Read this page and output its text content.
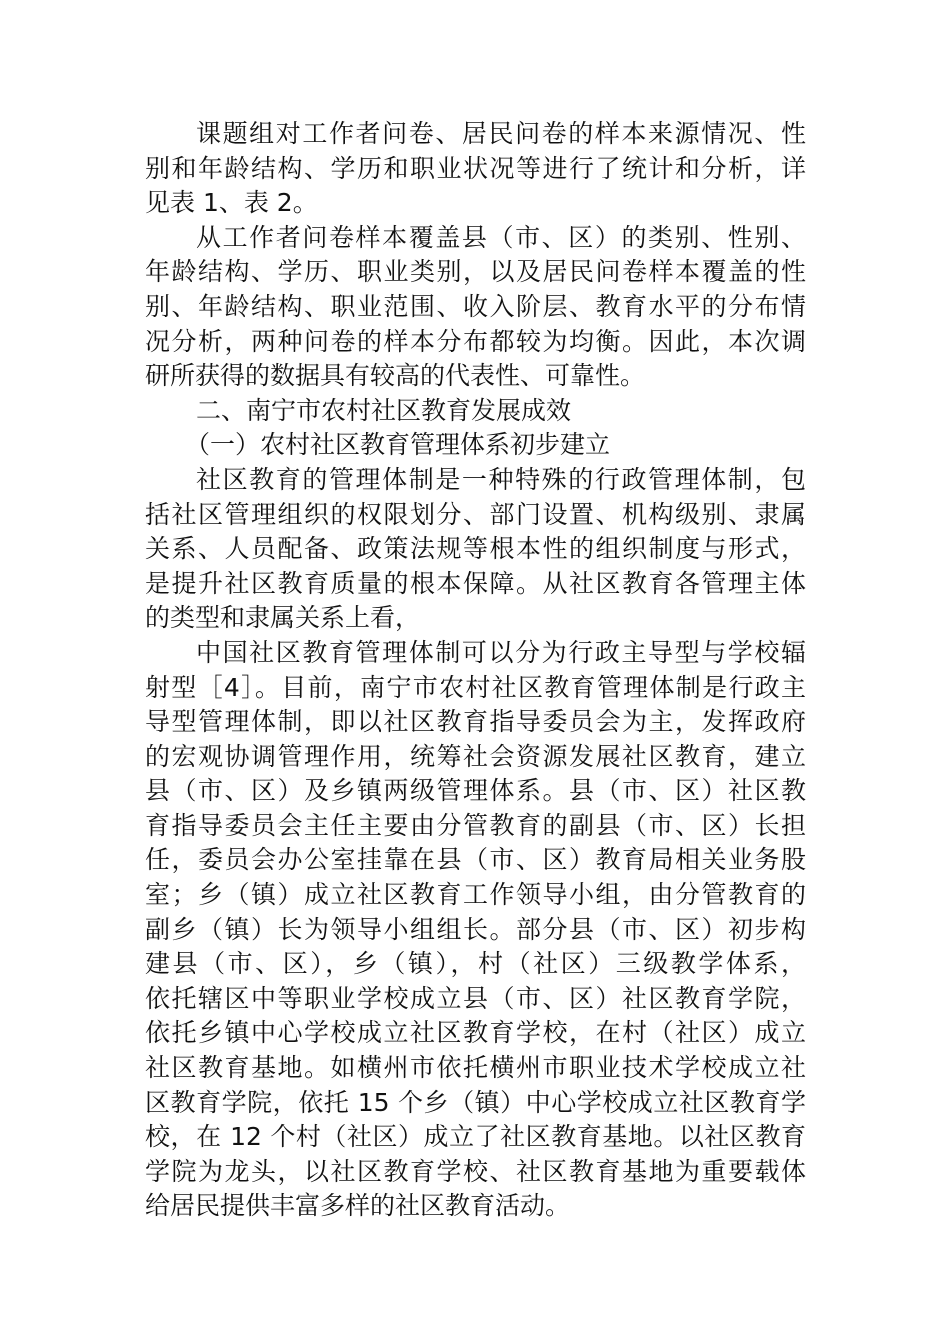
课题组对工作者问卷、居民问卷的样本来源情况、性
别和年龄结构、学历和职业状况等进行了统计和分析，详
见表 1、表 2。
从工作者问卷样本覆盖县（市、区）的类别、性别、
年龄结构、学历、职业类别，以及居民问卷样本覆盖的性
别、年龄结构、职业范围、收入阶层、教育水平的分布情
况分析，两种问卷的样本分布都较为均衡。因此，本次调
研所获得的数据具有较高的代表性、可靠性。
二、南宁市农村社区教育发展成效
（一）农村社区教育管理体系初步建立
社区教育的管理体制是一种特殊的行政管理体制，包
括社区管理组织的权限划分、部门设置、机构级别、隶属
关系、人员配备、政策法规等根本性的组织制度与形式，
是提升社区教育质量的根本保障。从社区教育各管理主体
的类型和隶属关系上看，
中国社区教育管理体制可以分为行政主导型与学校辐
射型［4］。目前，南宁市农村社区教育管理体制是行政主
导型管理体制，即以社区教育指导委员会为主，发挥政府
的宏观协调管理作用，统筹社会资源发展社区教育，建立
县（市、区）及乡镇两级管理体系。县（市、区）社区教
育指导委员会主任主要由分管教育的副县（市、区）长担
任，委员会办公室挂靠在县（市、区）教育局相关业务股
室；乡（镇）成立社区教育工作领导小组，由分管教育的
副乡（镇）长为领导小组组长。部分县（市、区）初步构
建县（市、区），乡（镇），村（社区）三级教学体系，
依托辖区中等职业学校成立县（市、区）社区教育学院，
依托乡镇中心学校成立社区教育学校，在村（社区）成立
社区教育基地。如横州市依托横州市职业技术学校成立社
区教育学院，依托 15 个乡（镇）中心学校成立社区教育学
校，在 12 个村（社区）成立了社区教育基地。以社区教育
学院为龙头，以社区教育学校、社区教育基地为重要载体
给居民提供丰富多样的社区教育活动。
